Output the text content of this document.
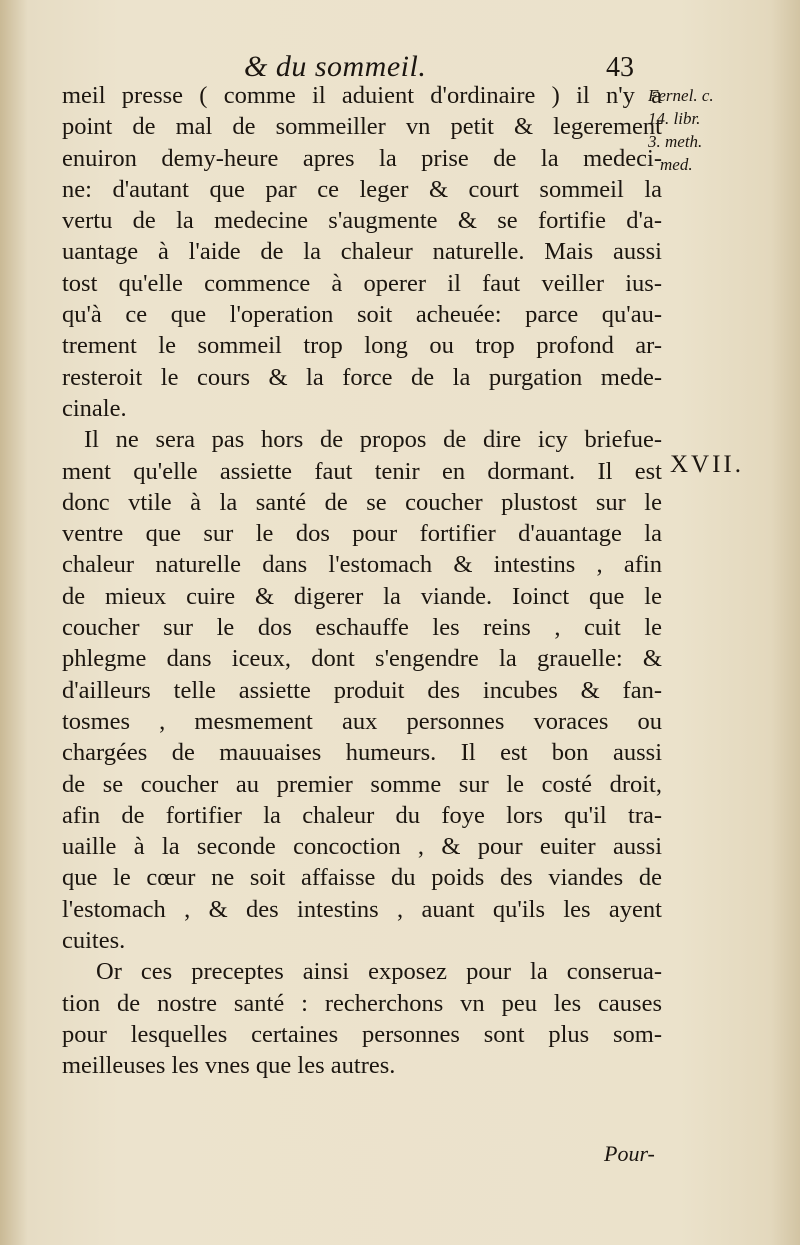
& du sommeil.	43
Fernel. c.
14. libr.
3. meth.
med.
XVII.
meil presse ( comme il aduient d'ordinaire ) il n'y a
point de mal de sommeiller vn petit & legerement
enuiron demy-heure apres la prise de la medeci-
ne: d'autant que par ce leger & court sommeil la
vertu de la medecine s'augmente & se fortifie d'a-
uantage à l'aide de la chaleur naturelle. Mais aussi
tost qu'elle commence à operer il faut veiller ius-
qu'à ce que l'operation soit acheuée: parce qu'au-
trement le sommeil trop long ou trop profond ar-
resteroit le cours & la force de la purgation mede-
cinale.
Il ne sera pas hors de propos de dire icy briefue-
ment qu'elle assiette faut tenir en dormant. Il est
donc vtile à la santé de se coucher plustost sur le
ventre que sur le dos pour fortifier d'auantage la
chaleur naturelle dans l'estomach & intestins , afin
de mieux cuire & digerer la viande. Ioinct que le
coucher sur le dos eschauffe les reins , cuit le
phlegme dans iceux, dont s'engendre la grauelle: &
d'ailleurs telle assiette produit des incubes & fan-
tosmes , mesmement aux personnes voraces ou
chargées de mauuaises humeurs. Il est bon aussi
de se coucher au premier somme sur le costé droit,
afin de fortifier la chaleur du foye lors qu'il tra-
uaille à la seconde concoction , & pour euiter aussi
que le cœur ne soit affaisse du poids des viandes de
l'estomach , & des intestins , auant qu'ils les ayent
cuites.
Or ces preceptes ainsi exposez pour la conserua-
tion de nostre santé : recherchons vn peu les causes
pour lesquelles certaines personnes sont plus som-
meilleuses les vnes que les autres.
Pour-
